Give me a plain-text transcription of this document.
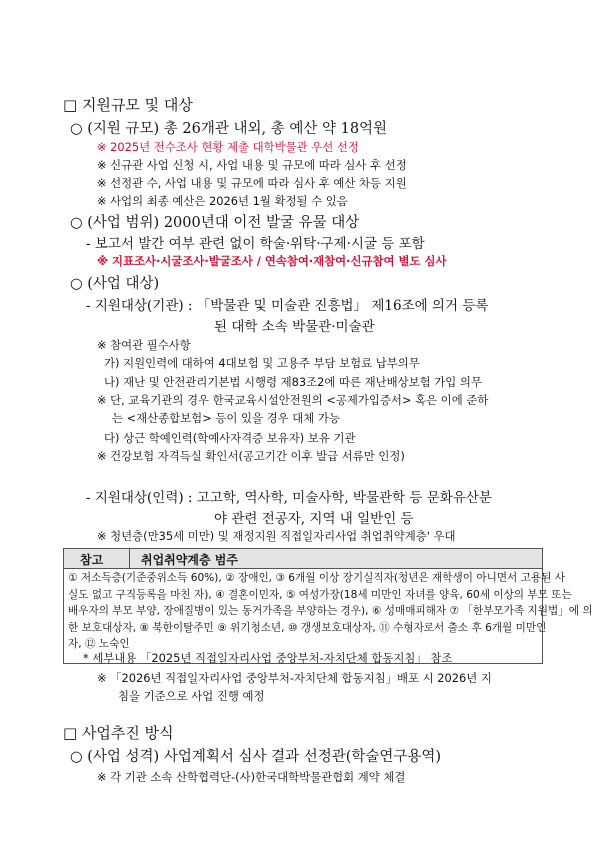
□ 지원규모 및 대상
○ (지원 규모) 총 26개관 내외, 총 예산 약 18억원
※ 2025년 전수조사 현황 제출 대학박물관 우선 선정
※ 신규관 사업 신청 시, 사업 내용 및 규모에 따라 심사 후 선정
※ 선정관 수, 사업 내용 및 규모에 따라 심사 후 예산 차등 지원
※ 사업의 최종 예산은 2026년 1월 확정될 수 있음
○ (사업 범위) 2000년대 이전 발굴 유물 대상
- 보고서 발간 여부 관련 없이 학술·위탁·구제·시굴 등 포함
※ 지표조사·시굴조사·발굴조사 / 연속참여·재참여·신규참여 별도 심사
○ (사업 대상)
- 지원대상(기관) : 「박물관 및 미술관 진흥법」 제16조에 의거 등록
된 대학 소속 박물관·미술관
※ 참여관 필수사항
가) 지원인력에 대하여 4대보험 및 고용주 부담 보험료 납부의무
나) 재난 및 안전관리기본법 시행령 제83조2에 따른 재난배상보험 가입 의무
※ 단, 교육기관의 경우 한국교육시설안전원의 <공제가입증서> 혹은 이에 준하
는 <재산종합보험> 등이 있을 경우 대체 가능
다) 상근 학예인력(학예사자격증 보유자) 보유 기관
※ 건강보험 자격득실 확인서(공고기간 이후 발급 서류만 인정)
- 지원대상(인력) : 고고학, 역사학, 미술사학, 박물관학 등 문화유산분
야 관련 전공자, 지역 내 일반인 등
※ 청년층(만35세 미만) 및 재정지원 직접일자리사업 취업취약계층' 우대
참고	취업취약계층 범주
① 저소득층(기준중위소득 60%), ② 장애인, ③ 6개월 이상 장기실직자(청년은 재학생이 아니면서 고용된 사
실도 없고 구직등록을 마친 자), ④ 결혼이민자, ⑤ 여성가장(18세 미만인 자녀를 양육, 60세 이상의 부모 또는
배우자의 부모 부양, 장애질병이 있는 동거가족을 부양하는 경우), ⑥ 성매매피해자 ⑦ 「한부모가족 지원법」에 의
한 보호대상자, ⑧ 북한이탈주민 ⑨ 위기청소년, ⑩ 갱생보호대상자, ⑪ 수형자로서 출소 후 6개월 미만인
자, ⑫ 노숙인
* 세부내용 「2025년 직접일자리사업 중앙부처-자치단체 합동지침」 참조
※ 「2026년 직접일자리사업 중앙부처-자치단체 합동지침」배포 시 2026년 지
침을 기준으로 사업 진행 예정
□ 사업추진 방식
○ (사업 성격) 사업계획서 심사 결과 선정관(학술연구용역)
※ 각 기관 소속 산학협력단-(사)한국대학박물관협회 계약 체결
